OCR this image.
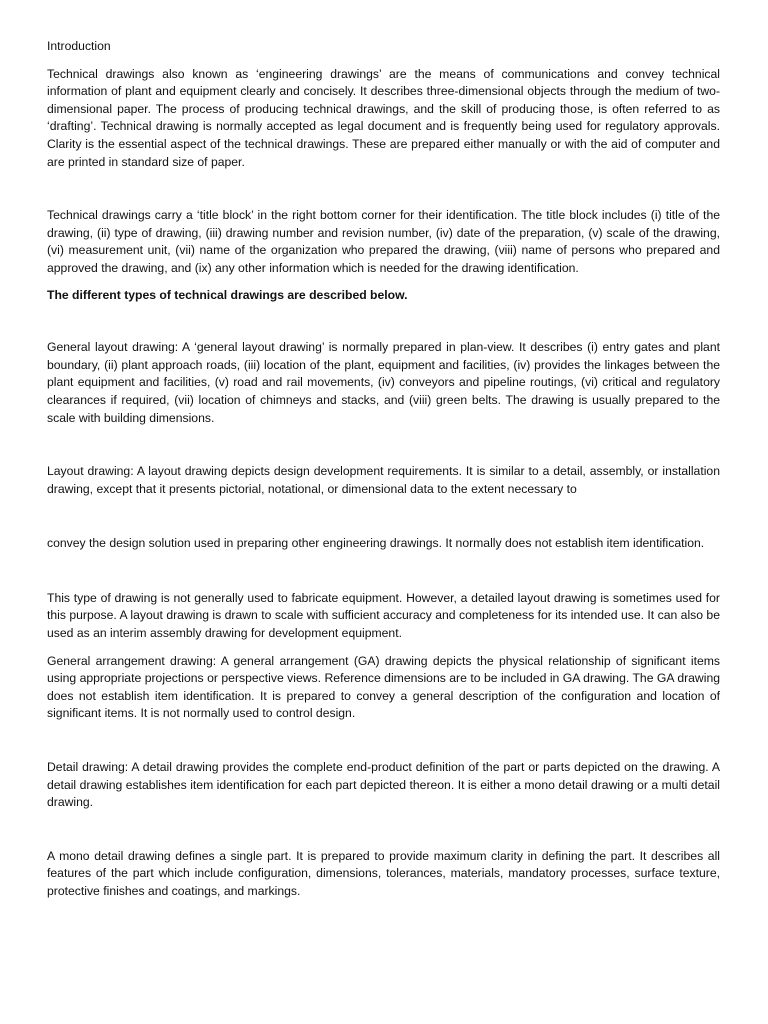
Introduction

Technical drawings also known as ‘engineering drawings’ are the means of communications and convey technical information of plant and equipment clearly and concisely. It describes three-dimensional objects through the medium of two-dimensional paper. The process of producing technical drawings, and the skill of producing those, is often referred to as ‘drafting’. Technical drawing is normally accepted as legal document and is frequently being used for regulatory approvals. Clarity is the essential aspect of the technical drawings. These are prepared either manually or with the aid of computer and are printed in standard size of paper.

Technical drawings carry a ‘title block’ in the right bottom corner for their identification. The title block includes (i) title of the drawing, (ii) type of drawing, (iii) drawing number and revision number, (iv) date of the preparation, (v) scale of the drawing, (vi) measurement unit, (vii) name of the organization who prepared the drawing, (viii) name of persons who prepared and approved the drawing, and (ix) any other information which is needed for the drawing identification.

The different types of technical drawings are described below.

General layout drawing: A ‘general layout drawing’ is normally prepared in plan-view. It describes (i) entry gates and plant boundary, (ii) plant approach roads, (iii) location of the plant, equipment and facilities, (iv) provides the linkages between the plant equipment and facilities, (v) road and rail movements, (iv) conveyors and pipeline routings, (vi) critical and regulatory clearances if required, (vii) location of chimneys and stacks, and (viii) green belts. The drawing is usually prepared to the scale with building dimensions.

Layout drawing: A layout drawing depicts design development requirements. It is similar to a detail, assembly, or installation drawing, except that it presents pictorial, notational, or dimensional data to the extent necessary to

convey the design solution used in preparing other engineering drawings. It normally does not establish item identification.

This type of drawing is not generally used to fabricate equipment. However, a detailed layout drawing is sometimes used for this purpose. A layout drawing is drawn to scale with sufficient accuracy and completeness for its intended use. It can also be used as an interim assembly drawing for development equipment.

General arrangement drawing: A general arrangement (GA) drawing depicts the physical relationship of significant items using appropriate projections or perspective views. Reference dimensions are to be included in GA drawing. The GA drawing does not establish item identification. It is prepared to convey a general description of the configuration and location of significant items. It is not normally used to control design.

Detail drawing: A detail drawing provides the complete end-product definition of the part or parts depicted on the drawing. A detail drawing establishes item identification for each part depicted thereon. It is either a mono detail drawing or a multi detail drawing.

A mono detail drawing defines a single part. It is prepared to provide maximum clarity in defining the part. It describes all features of the part which include configuration, dimensions, tolerances, materials, mandatory processes, surface texture, protective finishes and coatings, and markings.
